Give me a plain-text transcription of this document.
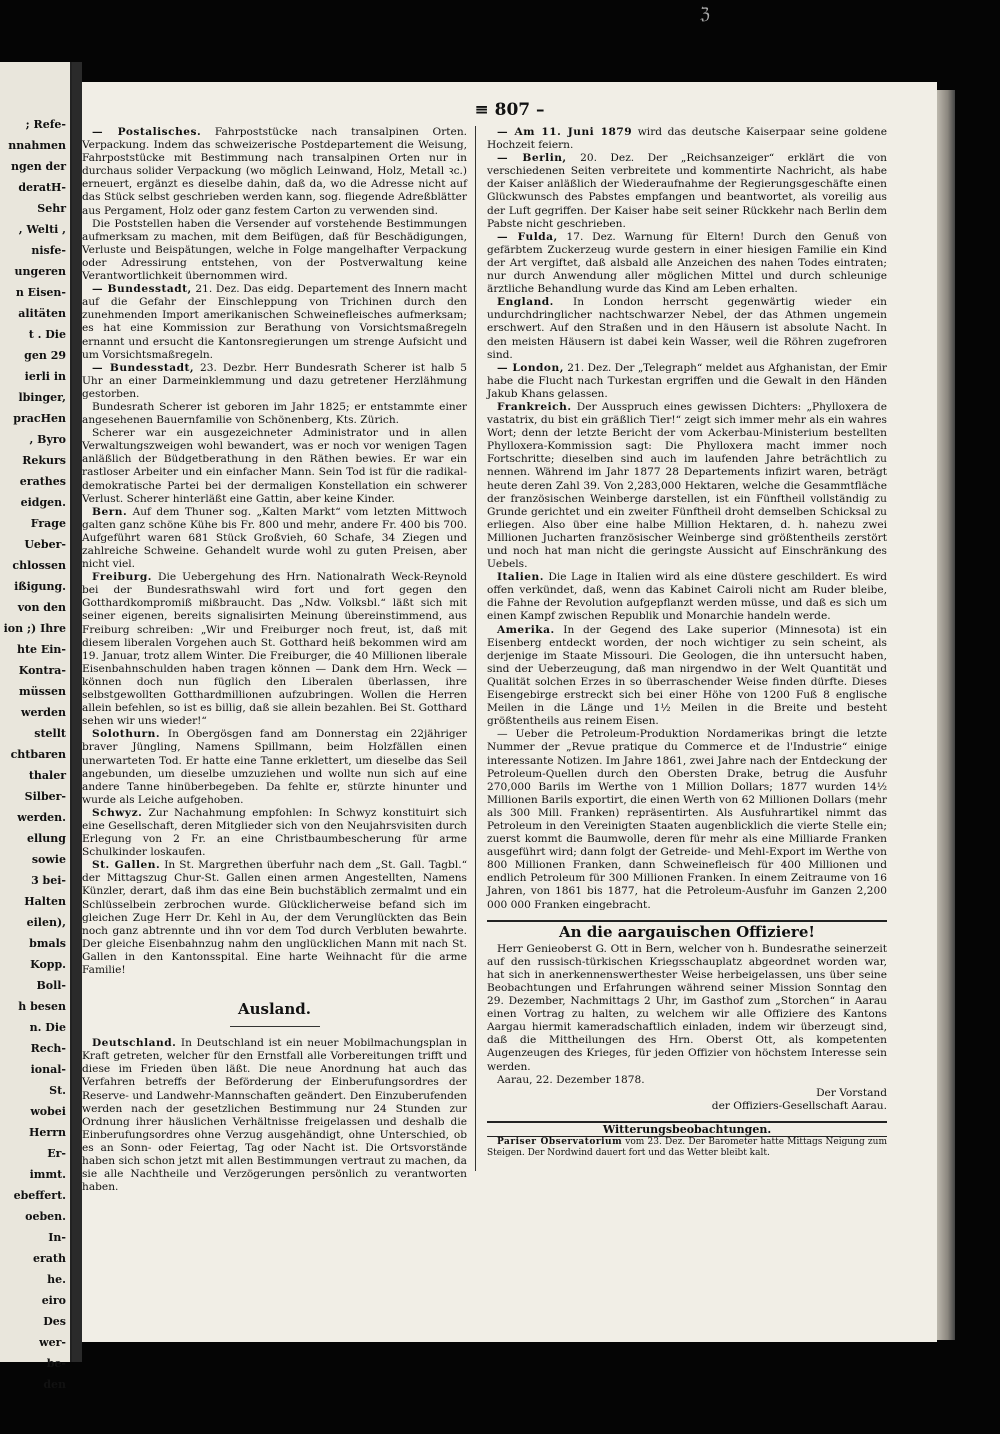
ℨ
; Refe-
nnahmen
ngen der
deratH-
Sehr
, Welti ,
nisfe-
ungeren
n Eisen-
alitäten
t . Die
gen 29
ierli in
lbinger,
pracHen
, Byro
Rekurs
erathes
eidgen.
Frage
Ueber-
chlossen
ißigung.
von den
ion ;) Ihre
hte Ein-
Kontra-
müssen
werden
stellt
chtbaren
thaler
Silber-
werden.
ellung
sowie
3 bei-
Halten
eilen),
bmals
Kopp.
Boll-
h besen
n. Die
Rech-
ional-
St.
wobei
Herrn
Er-
immt.
ebeffert.
oeben.
In-
erath
he.
eiro
Des
wer-
be-
den
≡ 807 –
— Postalisches. Fahrpoststücke nach transalpinen Orten. Verpackung. Indem das schweizerische Postdepartement die Weisung, Fahrpoststücke mit Bestimmung nach transalpinen Orten nur in durchaus solider Verpackung (wo möglich Leinwand, Holz, Metall ꝛc.) erneuert, ergänzt es dieselbe dahin, daß da, wo die Adresse nicht auf das Stück selbst geschrieben werden kann, sog. fliegende Adreßblätter aus Pergament, Holz oder ganz festem Carton zu verwenden sind.
Die Poststellen haben die Versender auf vorstehende Bestimmungen aufmerksam zu machen, mit dem Beifügen, daß für Beschädigungen, Verluste und Beispätungen, welche in Folge mangelhafter Verpackung oder Adressirung entstehen, von der Postverwaltung keine Verantwortlichkeit übernommen wird.
— Bundesstadt, 21. Dez. Das eidg. Departement des Innern macht auf die Gefahr der Einschleppung von Trichinen durch den zunehmenden Import amerikanischen Schweinefleisches aufmerksam; es hat eine Kommission zur Berathung von Vorsichtsmaßregeln ernannt und ersucht die Kantonsregierungen um strenge Aufsicht und um Vorsichtsmaßregeln.
— Bundesstadt, 23. Dezbr. Herr Bundesrath Scherer ist halb 5 Uhr an einer Darmeinklemmung und dazu getretener Herzlähmung gestorben.
Bundesrath Scherer ist geboren im Jahr 1825; er entstammte einer angesehenen Bauernfamilie von Schönenberg, Kts. Zürich.
Scherer war ein ausgezeichneter Administrator und in allen Verwaltungszweigen wohl bewandert, was er noch vor wenigen Tagen anläßlich der Büdgetberathung in den Räthen bewies. Er war ein rastloser Arbeiter und ein einfacher Mann. Sein Tod ist für die radikal-demokratische Partei bei der dermaligen Konstellation ein schwerer Verlust. Scherer hinterläßt eine Gattin, aber keine Kinder.
Bern. Auf dem Thuner sog. „Kalten Markt“ vom letzten Mittwoch galten ganz schöne Kühe bis Fr. 800 und mehr, andere Fr. 400 bis 700. Aufgeführt waren 681 Stück Großvieh, 60 Schafe, 34 Ziegen und zahlreiche Schweine. Gehandelt wurde wohl zu guten Preisen, aber nicht viel.
Freiburg. Die Uebergehung des Hrn. Nationalrath Weck-Reynold bei der Bundesrathswahl wird fort und fort gegen den Gotthardkompromiß mißbraucht. Das „Ndw. Volksbl.“ läßt sich mit seiner eigenen, bereits signalisirten Meinung übereinstimmend, aus Freiburg schreiben: „Wir und Freiburger noch freut, ist, daß mit diesem liberalen Vorgehen auch St. Gotthard heiß bekommen wird am 19. Januar, trotz allem Winter. Die Freiburger, die 40 Millionen liberale Eisenbahnschulden haben tragen können — Dank dem Hrn. Weck — können doch nun füglich den Liberalen überlassen, ihre selbstgewollten Gotthardmillionen aufzubringen. Wollen die Herren allein befehlen, so ist es billig, daß sie allein bezahlen. Bei St. Gotthard sehen wir uns wieder!“
Solothurn. In Obergösgen fand am Donnerstag ein 22jähriger braver Jüngling, Namens Spillmann, beim Holzfällen einen unerwarteten Tod. Er hatte eine Tanne erklettert, um dieselbe das Seil angebunden, um dieselbe umzuziehen und wollte nun sich auf eine andere Tanne hinüberbegeben. Da fehlte er, stürzte hinunter und wurde als Leiche aufgehoben.
Schwyz. Zur Nachahmung empfohlen: In Schwyz konstituirt sich eine Gesellschaft, deren Mitglieder sich von den Neujahrsvisiten durch Erlegung von 2 Fr. an eine Christbaumbescherung für arme Schulkinder loskaufen.
St. Gallen. In St. Margrethen überfuhr nach dem „St. Gall. Tagbl.“ der Mittagszug Chur-St. Gallen einen armen Angestellten, Namens Künzler, derart, daß ihm das eine Bein buchstäblich zermalmt und ein Schlüsselbein zerbrochen wurde. Glücklicherweise befand sich im gleichen Zuge Herr Dr. Kehl in Au, der dem Verunglückten das Bein noch ganz abtrennte und ihn vor dem Tod durch Verbluten bewahrte. Der gleiche Eisenbahnzug nahm den unglücklichen Mann mit nach St. Gallen in den Kantonsspital. Eine harte Weihnacht für die arme Familie!
Ausland.
Deutschland. In Deutschland ist ein neuer Mobilmachungsplan in Kraft getreten, welcher für den Ernstfall alle Vorbereitungen trifft und diese im Frieden üben läßt. Die neue Anordnung hat auch das Verfahren betreffs der Beförderung der Einberufungsordres der Reserve- und Landwehr-Mannschaften geändert. Den Einzuberufenden werden nach der gesetzlichen Bestimmung nur 24 Stunden zur Ordnung ihrer häuslichen Verhältnisse freigelassen und deshalb die Einberufungsordres ohne Verzug ausgehändigt, ohne Unterschied, ob es an Sonn- oder Feiertag, Tag oder Nacht ist. Die Ortsvorstände haben sich schon jetzt mit allen Bestimmungen vertraut zu machen, da sie alle Nachtheile und Verzögerungen persönlich zu verantworten haben.
— Am 11. Juni 1879 wird das deutsche Kaiserpaar seine goldene Hochzeit feiern.
— Berlin, 20. Dez. Der „Reichsanzeiger“ erklärt die von verschiedenen Seiten verbreitete und kommentirte Nachricht, als habe der Kaiser anläßlich der Wiederaufnahme der Regierungsgeschäfte einen Glückwunsch des Pabstes empfangen und beantwortet, als voreilig aus der Luft gegriffen. Der Kaiser habe seit seiner Rückkehr nach Berlin dem Pabste nicht geschrieben.
— Fulda, 17. Dez. Warnung für Eltern! Durch den Genuß von gefärbtem Zuckerzeug wurde gestern in einer hiesigen Familie ein Kind der Art vergiftet, daß alsbald alle Anzeichen des nahen Todes eintraten; nur durch Anwendung aller möglichen Mittel und durch schleunige ärztliche Behandlung wurde das Kind am Leben erhalten.
England. In London herrscht gegenwärtig wieder ein undurchdringlicher nachtschwarzer Nebel, der das Athmen ungemein erschwert. Auf den Straßen und in den Häusern ist absolute Nacht. In den meisten Häusern ist dabei kein Wasser, weil die Röhren zugefroren sind.
— London, 21. Dez. Der „Telegraph“ meldet aus Afghanistan, der Emir habe die Flucht nach Turkestan ergriffen und die Gewalt in den Händen Jakub Khans gelassen.
Frankreich. Der Ausspruch eines gewissen Dichters: „Phylloxera de vastatrix, du bist ein gräßlich Tier!“ zeigt sich immer mehr als ein wahres Wort; denn der letzte Bericht der vom Ackerbau-Ministerium bestellten Phylloxera-Kommission sagt: Die Phylloxera macht immer noch Fortschritte; dieselben sind auch im laufenden Jahre beträchtlich zu nennen. Während im Jahr 1877 28 Departements infizirt waren, beträgt heute deren Zahl 39. Von 2,283,000 Hektaren, welche die Gesammtfläche der französischen Weinberge darstellen, ist ein Fünftheil vollständig zu Grunde gerichtet und ein zweiter Fünftheil droht demselben Schicksal zu erliegen. Also über eine halbe Million Hektaren, d. h. nahezu zwei Millionen Jucharten französischer Weinberge sind größtentheils zerstört und noch hat man nicht die geringste Aussicht auf Einschränkung des Uebels.
Italien. Die Lage in Italien wird als eine düstere geschildert. Es wird offen verkündet, daß, wenn das Kabinet Cairoli nicht am Ruder bleibe, die Fahne der Revolution aufgepflanzt werden müsse, und daß es sich um einen Kampf zwischen Republik und Monarchie handeln werde.
Amerika. In der Gegend des Lake superior (Minnesota) ist ein Eisenberg entdeckt worden, der noch wichtiger zu sein scheint, als derjenige im Staate Missouri. Die Geologen, die ihn untersucht haben, sind der Ueberzeugung, daß man nirgendwo in der Welt Quantität und Qualität solchen Erzes in so überraschender Weise finden dürfte. Dieses Eisengebirge erstreckt sich bei einer Höhe von 1200 Fuß 8 englische Meilen in die Länge und 1½ Meilen in die Breite und besteht größtentheils aus reinem Eisen.
— Ueber die Petroleum-Produktion Nordamerikas bringt die letzte Nummer der „Revue pratique du Commerce et de l'Industrie“ einige interessante Notizen. Im Jahre 1861, zwei Jahre nach der Entdeckung der Petroleum-Quellen durch den Obersten Drake, betrug die Ausfuhr 270,000 Barils im Werthe von 1 Million Dollars; 1877 wurden 14½ Millionen Barils exportirt, die einen Werth von 62 Millionen Dollars (mehr als 300 Mill. Franken) repräsentirten. Als Ausfuhrartikel nimmt das Petroleum in den Vereinigten Staaten augenblicklich die vierte Stelle ein; zuerst kommt die Baumwolle, deren für mehr als eine Milliarde Franken ausgeführt wird; dann folgt der Getreide- und Mehl-Export im Werthe von 800 Millionen Franken, dann Schweinefleisch für 400 Millionen und endlich Petroleum für 300 Millionen Franken. In einem Zeitraume von 16 Jahren, von 1861 bis 1877, hat die Petroleum-Ausfuhr im Ganzen 2,200 000 000 Franken eingebracht.
An die aargauischen Offiziere!
Herr Genieoberst G. Ott in Bern, welcher von h. Bundesrathe seinerzeit auf den russisch-türkischen Kriegsschauplatz abgeordnet worden war, hat sich in anerkennenswerthester Weise herbeigelassen, uns über seine Beobachtungen und Erfahrungen während seiner Mission Sonntag den 29. Dezember, Nachmittags 2 Uhr, im Gasthof zum „Storchen“ in Aarau einen Vortrag zu halten, zu welchem wir alle Offiziere des Kantons Aargau hiermit kameradschaftlich einladen, indem wir überzeugt sind, daß die Mittheilungen des Hrn. Oberst Ott, als kompetenten Augenzeugen des Krieges, für jeden Offizier von höchstem Interesse sein werden.
Aarau, 22. Dezember 1878.
Der Vorstand
der Offiziers-Gesellschaft Aarau.
Witterungsbeobachtungen.
Pariser Observatorium vom 23. Dez. Der Barometer hatte Mittags Neigung zum Steigen. Der Nordwind dauert fort und das Wetter bleibt kalt.
